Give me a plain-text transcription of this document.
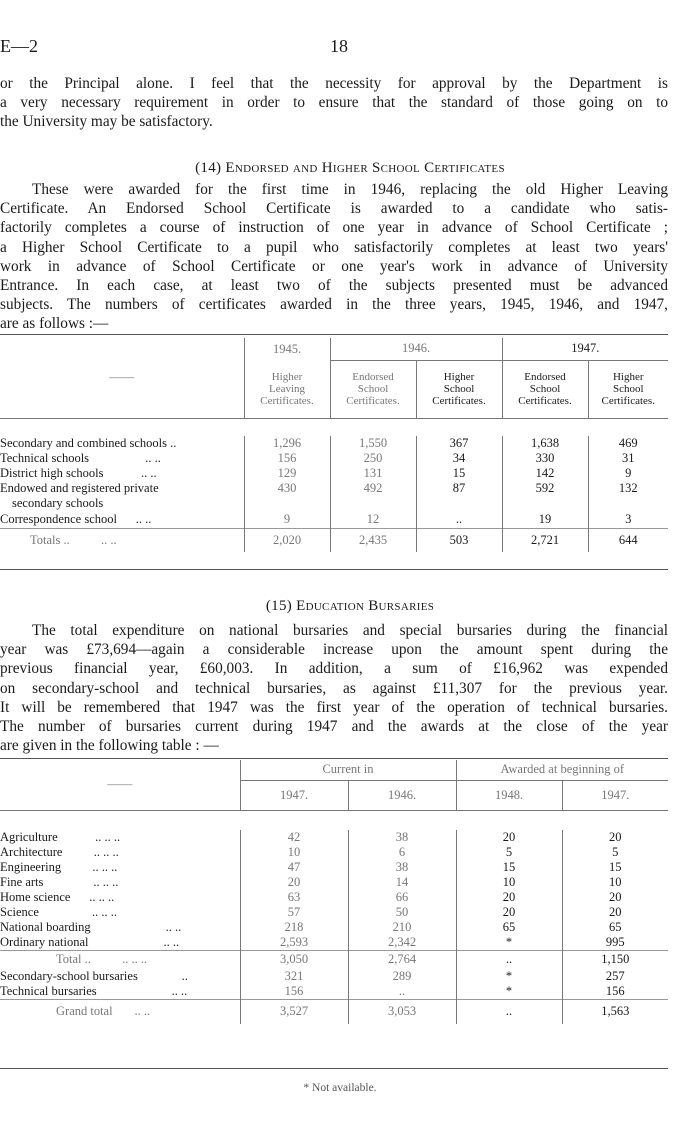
E—2	18
or the Principal alone. I feel that the necessity for approval by the Department is
a very necessary requirement in order to ensure that the standard of those going on to
the University may be satisfactory.
(14) Endorsed and Higher School Certificates
These were awarded for the first time in 1946, replacing the old Higher Leaving
Certificate. An Endorsed School Certificate is awarded to a candidate who satis-
factorily completes a course of instruction of one year in advance of School Certificate ;
a Higher School Certificate to a pupil who satisfactorily completes at least two years'
work in advance of School Certificate or one year's work in advance of University
Entrance. In each case, at least two of the subjects presented must be advanced
subjects. The numbers of certificates awarded in the three years, 1945, 1946, and 1947,
are as follows :—
——	1945.	1946.		1947.	
	Higher
Leaving
Certificates.	Endorsed
School
Certificates.	Higher
School
Certificates.	Endorsed
School
Certificates.	Higher
School
Certificates.

Secondary and combined schools ..	1,296	1,550	367	1,638	469
Technical schools .. ..	156	250	34	330	31
District high schools .. ..	129	131	15	142	9
Endowed and registered private	430	492	87	592	132
secondary schools					
Correspondence school .. ..	9	12	..	19	3
Totals .. .. ..	2,020	2,435	503	2,721	644
(15) Education Bursaries
The total expenditure on national bursaries and special bursaries during the financial
year was £73,694—again a considerable increase upon the amount spent during the
previous financial year, £60,003. In addition, a sum of £16,962 was expended
on secondary-school and technical bursaries, as against £11,307 for the previous year.
It will be remembered that 1947 was the first year of the operation of technical bursaries.
The number of bursaries current during 1947 and the awards at the close of the year
are given in the following table : —
——	Current in		Awarded at beginning of	
	1947.	1946.	1948.	1947.

Agriculture .. .. ..	42	38	20	20
Architecture .. .. ..	10	6	5	5
Engineering .. .. ..	47	38	15	15
Fine arts .. .. ..	20	14	10	10
Home science .. .. ..	63	66	20	20
Science .. .. ..	57	50	20	20
National boarding .. ..	218	210	65	65
Ordinary national .. ..	2,593	2,342	*	995
Total .. .. .. ..	3,050	2,764	..	1,150
Secondary-school bursaries ..	321	289	*	257
Technical bursaries .. ..	156	..	*	156
Grand total .. ..	3,527	3,053	..	1,563
* Not available.
